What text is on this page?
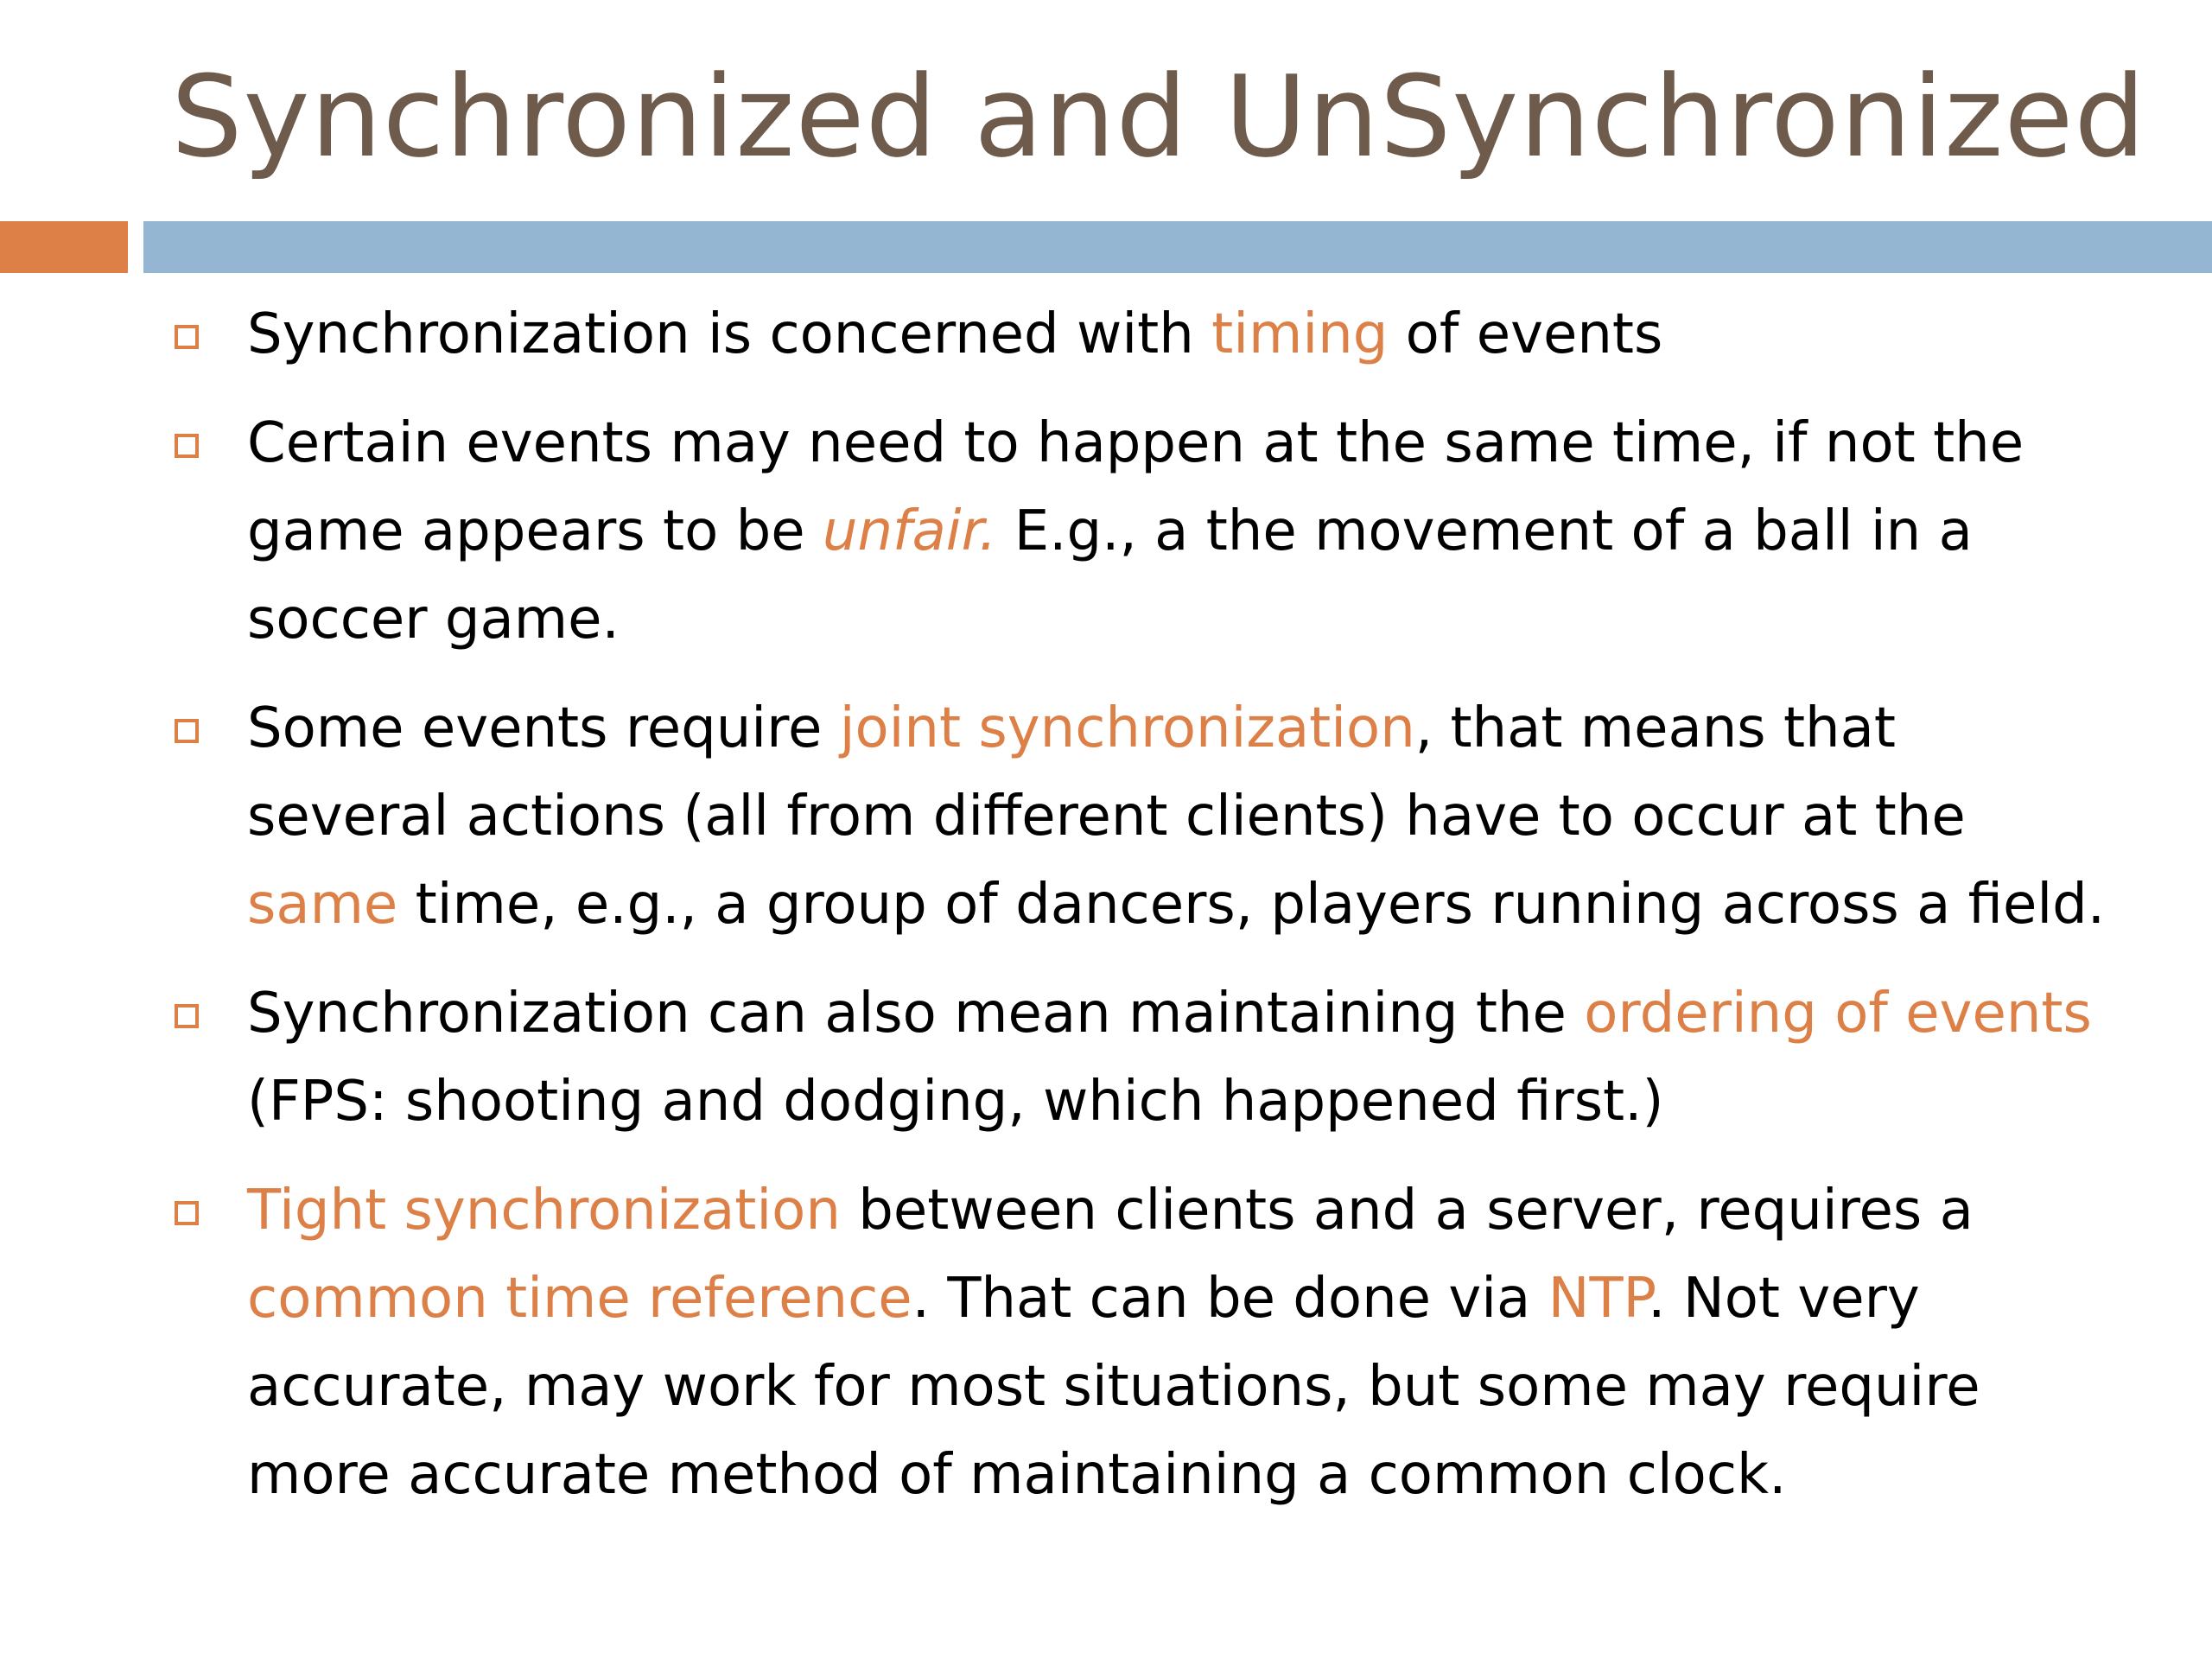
Synchronized and UnSynchronized
Synchronization is concerned with timing of events
Certain events may need to happen at the same time, if not the game appears to be unfair. E.g., a the movement of a ball in a soccer game.
Some events require joint synchronization, that means that several actions (all from different clients) have to occur at the same time, e.g., a group of dancers, players running across a field.
Synchronization can also mean maintaining the ordering of events (FPS: shooting and dodging, which happened first.)
Tight synchronization between clients and a server, requires a common time reference. That can be done via NTP. Not very accurate, may work for most situations, but some may require more accurate method of maintaining a common clock.
